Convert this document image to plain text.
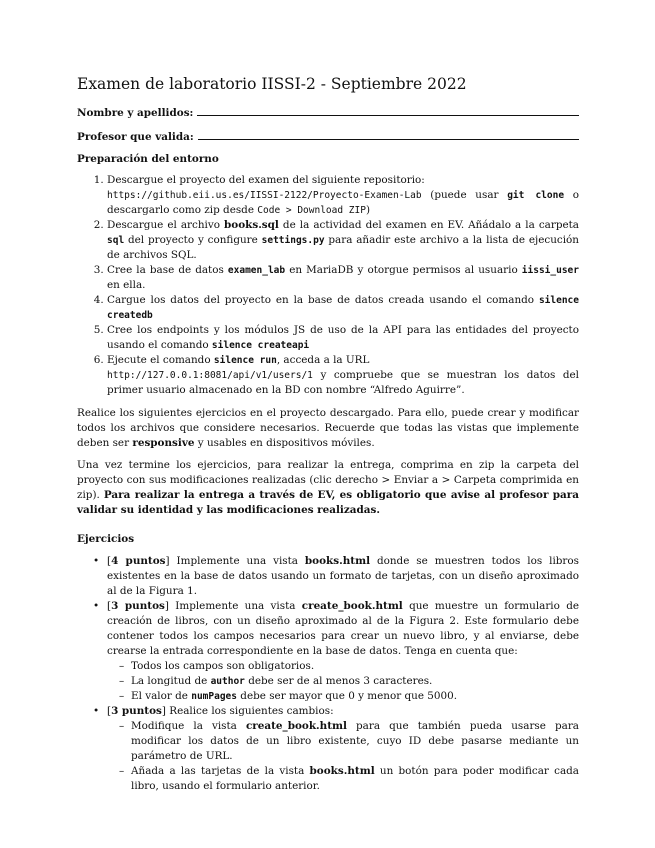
Examen de laboratorio IISSI-2 - Septiembre 2022
Nombre y apellidos:
Profesor que valida:
Preparación del entorno
1. Descargue el proyecto del examen del siguiente repositorio:
https://github.eii.us.es/IISSI-2122/Proyecto-Examen-Lab (puede usar git clone o descargarlo como zip desde Code > Download ZIP)
2. Descargue el archivo books.sql de la actividad del examen en EV. Añádalo a la carpeta sql del proyecto y configure settings.py para añadir este archivo a la lista de ejecución de archivos SQL.
3. Cree la base de datos examen_lab en MariaDB y otorgue permisos al usuario iissi_user en ella.
4. Cargue los datos del proyecto en la base de datos creada usando el comando silence createdb
5. Cree los endpoints y los módulos JS de uso de la API para las entidades del proyecto usando el comando silence createapi
6. Ejecute el comando silence run, acceda a la URL
http://127.0.0.1:8081/api/v1/users/1 y compruebe que se muestran los datos del primer usuario almacenado en la BD con nombre “Alfredo Aguirre”.

Realice los siguientes ejercicios en el proyecto descargado. Para ello, puede crear y modificar todos los archivos que considere necesarios. Recuerde que todas las vistas que implemente deben ser responsive y usables en dispositivos móviles.

Una vez termine los ejercicios, para realizar la entrega, comprima en zip la carpeta del proyecto con sus modificaciones realizadas (clic derecho > Enviar a > Carpeta comprimida en zip). Para realizar la entrega a través de EV, es obligatorio que avise al profesor para validar su identidad y las modificaciones realizadas.

Ejercicios
• [4 puntos] Implemente una vista books.html donde se muestren todos los libros existentes en la base de datos usando un formato de tarjetas, con un diseño aproximado al de la Figura 1.
• [3 puntos] Implemente una vista create_book.html que muestre un formulario de creación de libros, con un diseño aproximado al de la Figura 2. Este formulario debe contener todos los campos necesarios para crear un nuevo libro, y al enviarse, debe crearse la entrada correspondiente en la base de datos. Tenga en cuenta que:
– Todos los campos son obligatorios.
– La longitud de author debe ser de al menos 3 caracteres.
– El valor de numPages debe ser mayor que 0 y menor que 5000.
• [3 puntos] Realice los siguientes cambios:
– Modifique la vista create_book.html para que también pueda usarse para modificar los datos de un libro existente, cuyo ID debe pasarse mediante un parámetro de URL.
– Añada a las tarjetas de la vista books.html un botón para poder modificar cada libro, usando el formulario anterior.
